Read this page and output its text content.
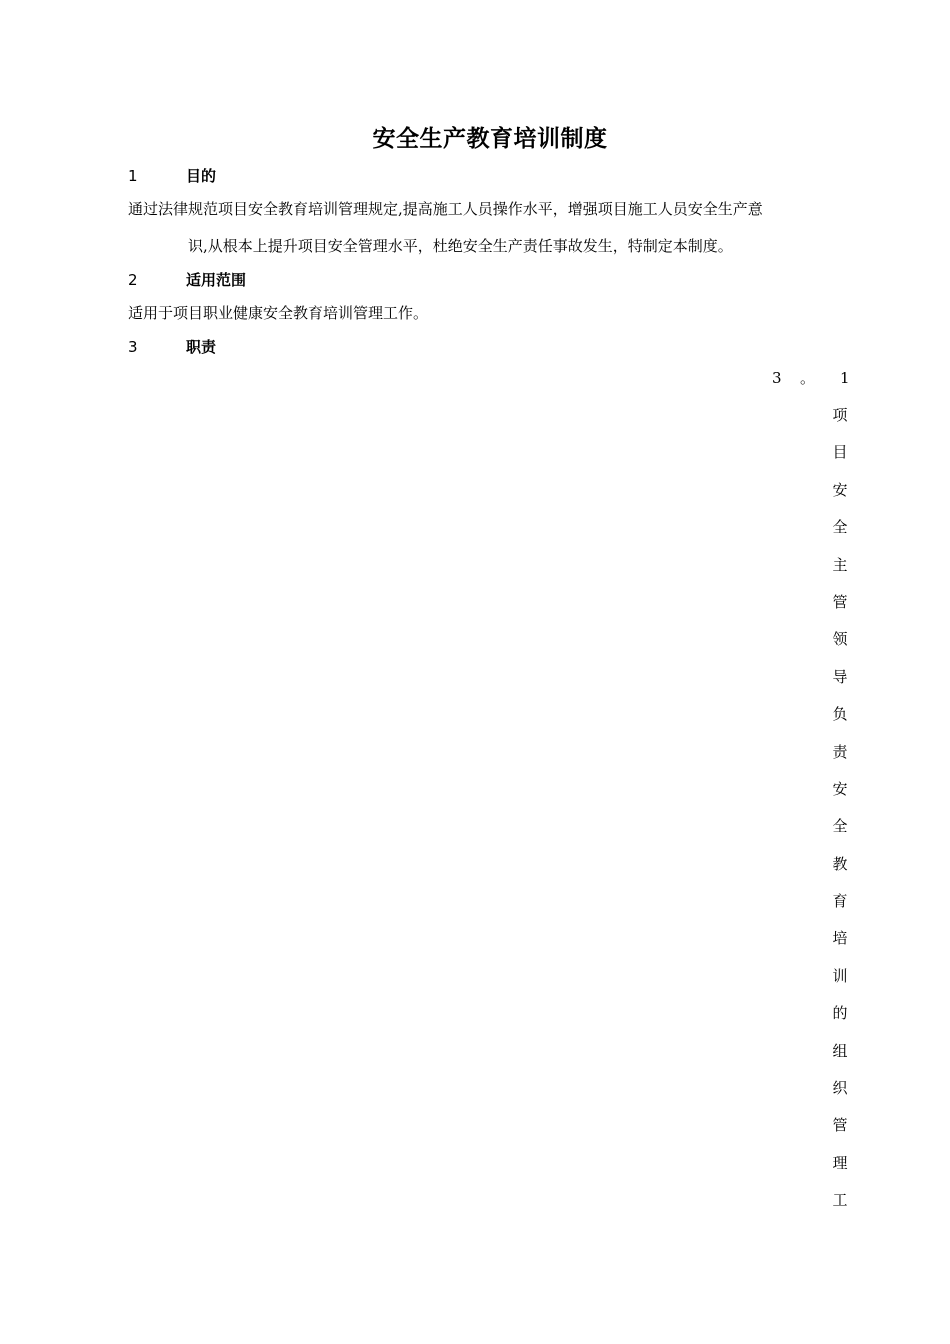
安全生产教育培训制度
1	目的
通过法律规范项目安全教育培训管理规定,提高施工人员操作水平，增强项目施工人员安全生产意
识,从根本上提升项目安全管理水平，杜绝安全生产责任事故发生，特制定本制度。
2	适用范围
适用于项目职业健康安全教育培训管理工作。
3	职责
3 。 1
项
目
安
全
主
管
领
导
负
责
安
全
教
育
培
训
的
组
织
管
理
工
